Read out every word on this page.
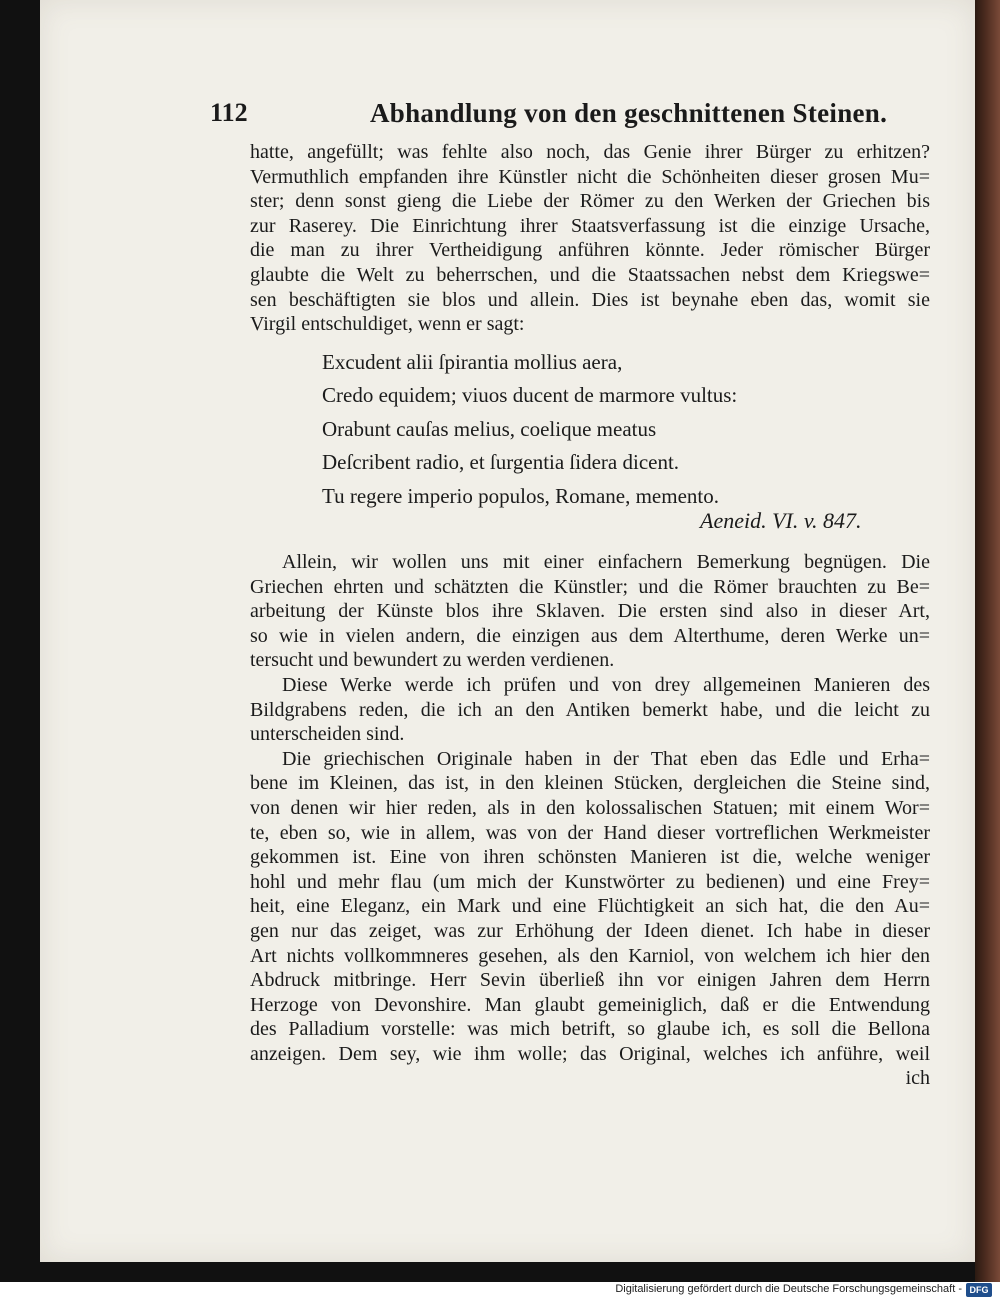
112	Abhandlung von den geschnittenen Steinen.
hatte, angefüllt; was fehlte also noch, das Genie ihrer Bürger zu erhitzen?
Vermuthlich empfanden ihre Künstler nicht die Schönheiten dieser grosen Mu=
ster; denn sonst gieng die Liebe der Römer zu den Werken der Griechen bis
zur Raserey. Die Einrichtung ihrer Staatsverfassung ist die einzige Ursache,
die man zu ihrer Vertheidigung anführen könnte. Jeder römischer Bürger
glaubte die Welt zu beherrschen, und die Staatssachen nebst dem Kriegswe=
sen beschäftigten sie blos und allein. Dies ist beynahe eben das, womit sie
Virgil entschuldiget, wenn er sagt:
Excudent alii ſpirantia mollius aera,
Credo equidem; viuos ducent de marmore vultus:
Orabunt cauſas melius, coelique meatus
Deſcribent radio, et ſurgentia ſidera dicent.
Tu regere imperio populos, Romane, memento.
Aeneid. VI. v. 847.
Allein, wir wollen uns mit einer einfachern Bemerkung begnügen. Die
Griechen ehrten und schätzten die Künstler; und die Römer brauchten zu Be=
arbeitung der Künste blos ihre Sklaven. Die ersten sind also in dieser Art,
so wie in vielen andern, die einzigen aus dem Alterthume, deren Werke un=
tersucht und bewundert zu werden verdienen.
Diese Werke werde ich prüfen und von drey allgemeinen Manieren des
Bildgrabens reden, die ich an den Antiken bemerkt habe, und die leicht zu
unterscheiden sind.
Die griechischen Originale haben in der That eben das Edle und Erha=
bene im Kleinen, das ist, in den kleinen Stücken, dergleichen die Steine sind,
von denen wir hier reden, als in den kolossalischen Statuen; mit einem Wor=
te, eben so, wie in allem, was von der Hand dieser vortreflichen Werkmeister
gekommen ist. Eine von ihren schönsten Manieren ist die, welche weniger
hohl und mehr flau (um mich der Kunstwörter zu bedienen) und eine Frey=
heit, eine Eleganz, ein Mark und eine Flüchtigkeit an sich hat, die den Au=
gen nur das zeiget, was zur Erhöhung der Ideen dienet. Ich habe in dieser
Art nichts vollkommneres gesehen, als den Karniol, von welchem ich hier den
Abdruck mitbringe. Herr Sevin überließ ihn vor einigen Jahren dem Herrn
Herzoge von Devonshire. Man glaubt gemeiniglich, daß er die Entwendung
des Palladium vorstelle: was mich betrift, so glaube ich, es soll die Bellona
anzeigen. Dem sey, wie ihm wolle; das Original, welches ich anführe, weil
ich
Digitalisierung gefördert durch die Deutsche Forschungsgemeinschaft - DFG
